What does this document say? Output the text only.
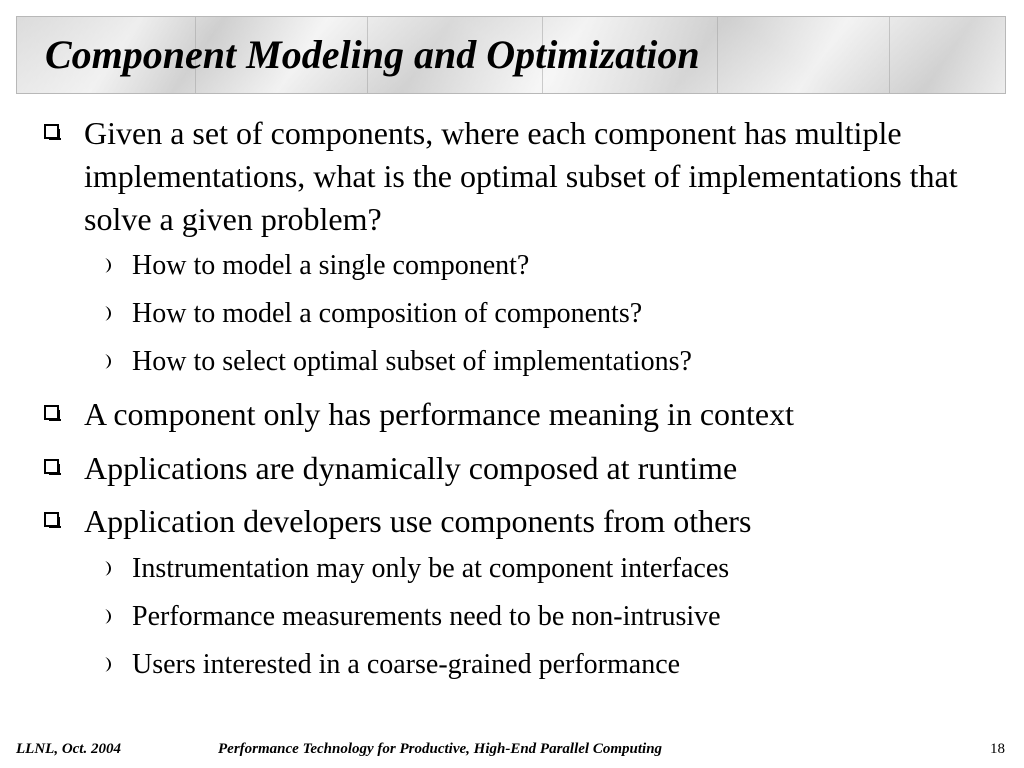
Component Modeling and Optimization
Given a set of components, where each component has multiple implementations, what is the optimal subset of implementations that solve a given problem?
How to model a single component?
How to model a composition of components?
How to select optimal subset of implementations?
A component only has performance meaning in context
Applications are dynamically composed at runtime
Application developers use components from others
Instrumentation may only be at component interfaces
Performance measurements need to be non-intrusive
Users interested in a coarse-grained performance
LLNL, Oct. 2004	Performance Technology for Productive, High-End Parallel Computing	18
